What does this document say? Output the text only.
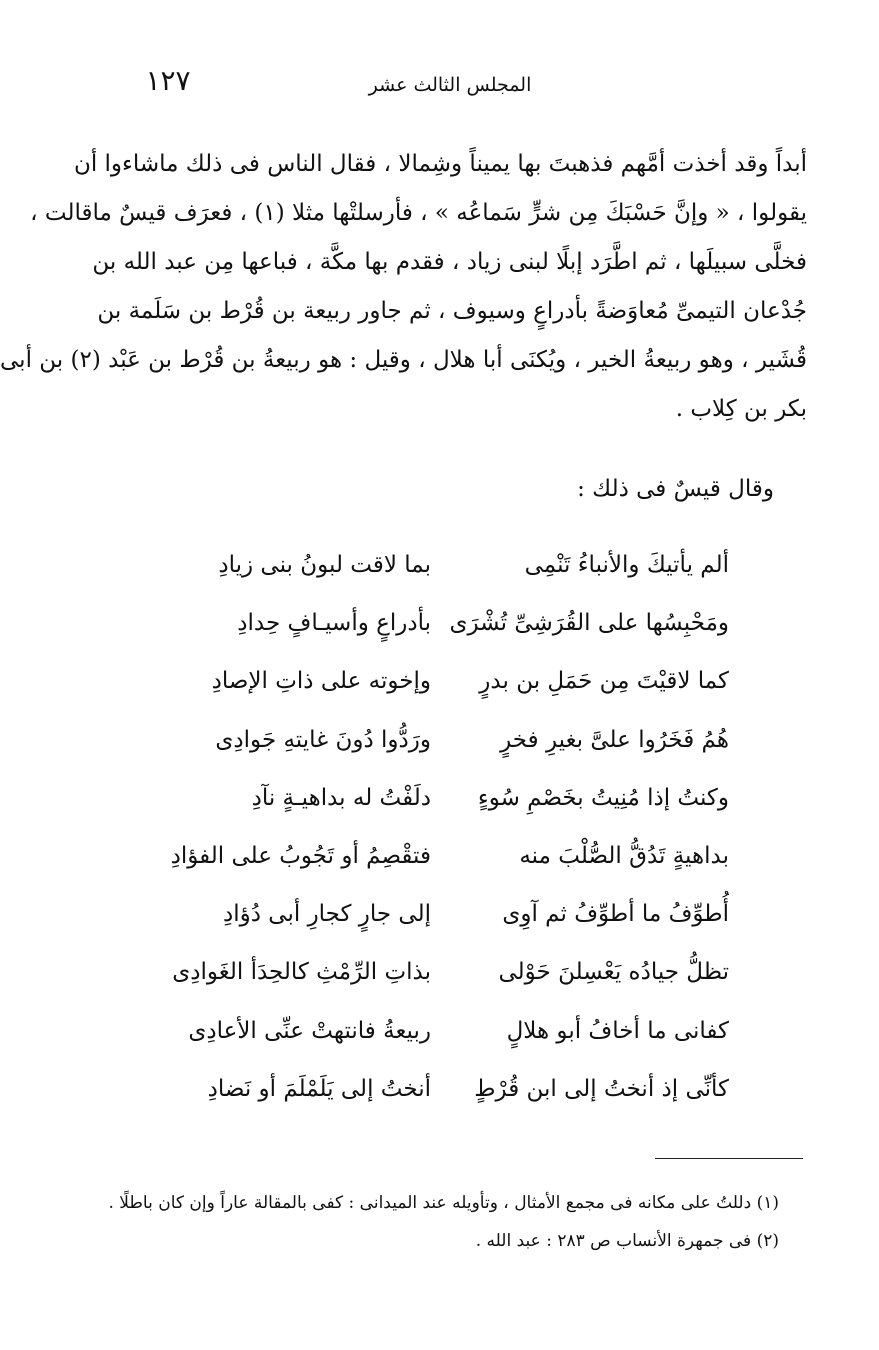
١٢٧	المجلس الثالث عشر
أبداً وقد أخذت أمَّهم فذهبتَ بها يميناً وشِمالا ، فقال الناس فى ذلك ماشاءوا أن
يقولوا ، « وإنَّ حَسْبَكَ مِن شرٍّ سَماعُه » ، فأرسلتْها مثلا (١) ، فعرَف قيسٌ ماقالت ،
فخلَّى سبيلَها ، ثم اطَّرَد إبلًا لبنى زياد ، فقدم بها مكَّة ، فباعها مِن عبد الله بن
جُدْعان التيمىِّ مُعاوَضةً بأدراعٍ وسيوف ، ثم جاور ربيعة بن قُرْط بن سَلَمة بن
قُشَير ، وهو ربيعةُ الخير ، ويُكنَى أبا هلال ، وقيل : هو ربيعةُ بن قُرْط بن عَبْد (٢) بن أبى
بكر بن كِلاب .
وقال قيسٌ فى ذلك :
ألم يأتيكَ والأنباءُ تَنْمِى
بما لاقت لبونُ بنى زيادِ
ومَحْبِسُها على القُرَشِىِّ تُشْرَى
بأدراعٍ وأسيـافٍ حِدادِ
كما لاقيْتَ مِن حَمَلِ بن بدرٍ
وإخوته على ذاتِ الإصادِ
هُمُ فَخَرُوا علىَّ بغيرِ فخرٍ
ورَدُّوا دُونَ غايتهِ جَوادِى
وكنتُ إذا مُنِيتُ بخَصْمِ سُوءٍ
دلَفْتُ له بداهيـةٍ نآدِ
بداهيةٍ تَدُقُّ الصُّلْبَ منه
فتقْصِمُ أو تَجُوبُ على الفؤادِ
أُطوِّفُ ما أطوِّفُ ثم آوِى
إلى جارٍ كجارِ أبى دُؤادِ
تظلُّ جيادُه يَعْسِلنَ حَوْلى
بذاتِ الرِّمْثِ كالحِدَأ الغَوادِى
كفانى ما أخافُ أبو هلالٍ
ربيعةُ فانتهتْ عنِّى الأعادِى
كأنِّى إذ أنختُ إلى ابن قُرْطٍ
أنختُ إلى يَلَمْلَمَ أو نَضادِ
(١) دللتُ على مكانه فى مجمع الأمثال ، وتأويله عند الميدانى : كفى بالمقالة عاراً وإن كان باطلًا .
(٢) فى جمهرة الأنساب ص ٢٨٣ : عبد الله .
